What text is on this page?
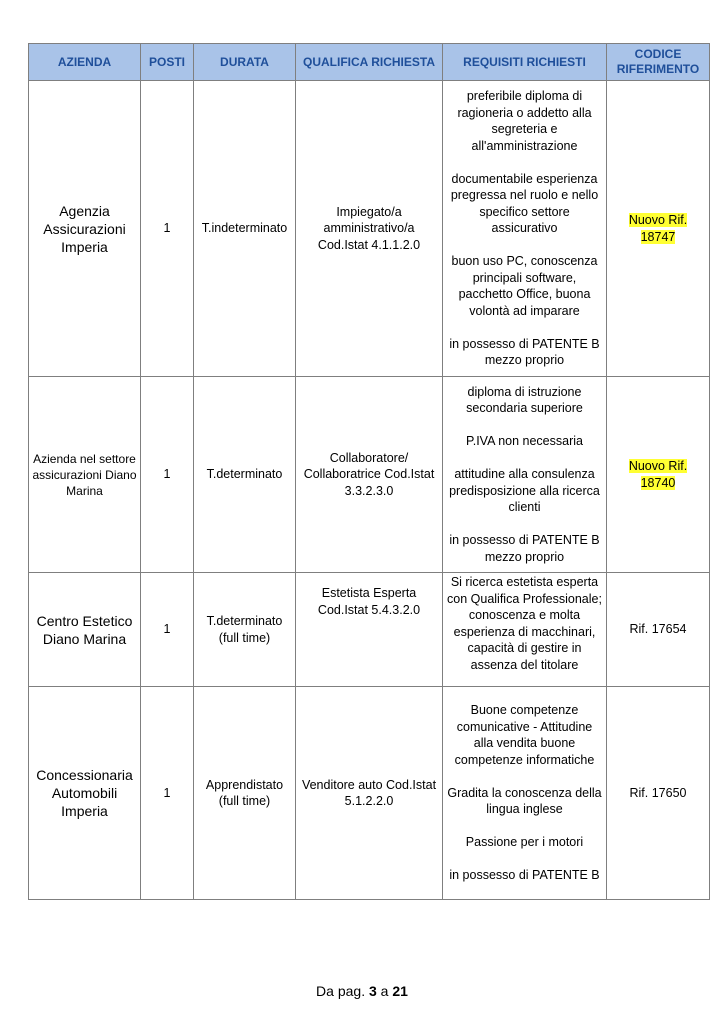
AZIENDA	POSTI	DURATA	QUALIFICA RICHIESTA	REQUISITI RICHIESTI	CODICE RIFERIMENTO
Agenzia Assicurazioni Imperia	1	T.indeterminato	Impiegato/a amministrativo/a Cod.Istat 4.1.1.2.0	preferibile diploma di ragioneria o addetto alla segreteria e all'amministrazione

documentabile esperienza pregressa nel ruolo e nello specifico settore assicurativo

buon uso PC, conoscenza principali software, pacchetto Office, buona volontà ad imparare

in possesso di PATENTE B mezzo proprio	Nuovo Rif. 18747
Azienda nel settore assicurazioni Diano Marina	1	T.determinato	Collaboratore/ Collaboratrice Cod.Istat 3.3.2.3.0	diploma di istruzione secondaria superiore

P.IVA non necessaria

attitudine alla consulenza predisposizione alla ricerca clienti

in possesso di PATENTE B mezzo proprio	Nuovo Rif. 18740
Centro Estetico Diano Marina	1	T.determinato (full time)	Estetista Esperta Cod.Istat 5.4.3.2.0	Si ricerca estetista esperta con Qualifica Professionale; conoscenza e molta esperienza di macchinari, capacità di gestire in assenza del titolare	Rif. 17654
Concessionaria Automobili Imperia	1	Apprendistato (full time)	Venditore auto Cod.Istat 5.1.2.2.0	Buone competenze comunicative - Attitudine alla vendita buone competenze informatiche

Gradita la conoscenza della lingua inglese

Passione per i motori

in possesso di PATENTE B	Rif. 17650
Da pag. 3 a 21
